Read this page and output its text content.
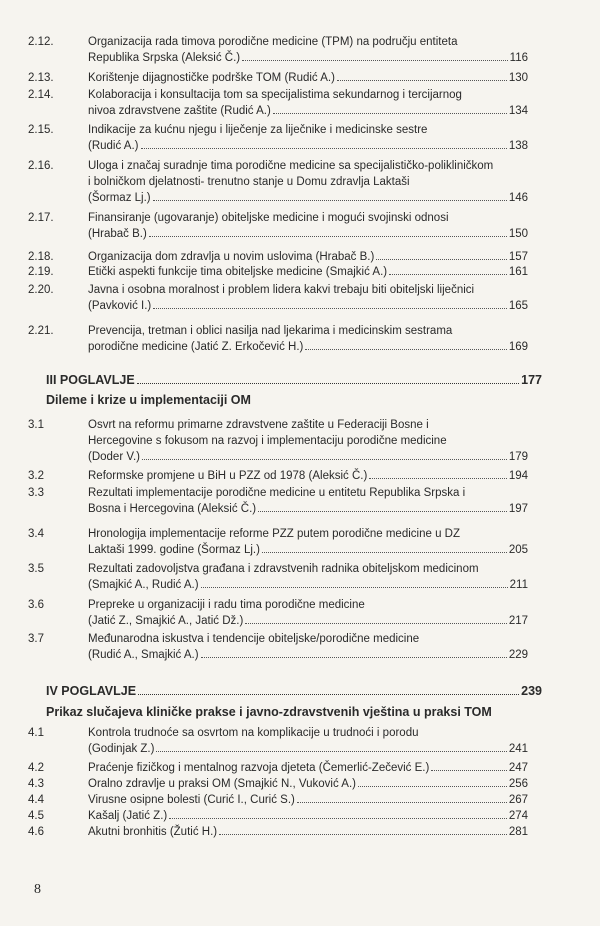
2.12.	Organizacija rada timova porodične medicine (TPM) na području entiteta
Republika Srpska (Aleksić Č.)	116
2.13.	Korištenje dijagnostičke podrške TOM (Rudić A.)	130
2.14.	Kolaboracija i konsultacija tom sa specijalistima sekundarnog i tercijarnog
nivoa zdravstvene zaštite (Rudić A.)	134
2.15.	Indikacije za kućnu njegu i liječenje za liječnike i medicinske sestre
(Rudić A.)	138
2.16.	Uloga i značaj suradnje tima porodične medicine sa specijalističko-polikliničkom
i bolničkom djelatnosti- trenutno stanje u Domu zdravlja Laktaši
(Šormaz Lj.)	146
2.17.	Finansiranje (ugovaranje) obiteljske medicine i mogući svojinski odnosi
(Hrabač B.)	150
2.18.	Organizacija dom zdravlja u novim uslovima (Hrabač B.)	157
2.19.	Etički aspekti funkcije tima obiteljske medicine (Smajkić A.)	161
2.20.	Javna i osobna moralnost i problem lidera kakvi trebaju biti obiteljski liječnici
(Pavković I.)	165
2.21.	Prevencija, tretman i oblici nasilja nad ljekarima i medicinskim sestrama
porodične medicine (Jatić Z. Erkočević H.)	169
III POGLAVLJE	177
Dileme i krize u implementaciji OM
3.1	Osvrt na reformu primarne zdravstvene zaštite u Federaciji Bosne i
Hercegovine s fokusom na razvoj i implementaciju porodične medicine
(Doder V.)	179
3.2	Reformske promjene u BiH u PZZ od 1978 (Aleksić Č.)	194
3.3	Rezultati implementacije porodične medicine u entitetu Republika Srpska i
Bosna i Hercegovina (Aleksić Č.)	197
3.4	Hronologija implementacije reforme PZZ putem porodične medicine u DZ
Laktaši 1999. godine (Šormaz Lj.)	205
3.5	Rezultati zadovoljstva građana i zdravstvenih radnika obiteljskom medicinom
(Smajkić A., Rudić A.)	211
3.6	Prepreke u organizaciji i radu tima porodične medicine
(Jatić Z., Smajkić A., Jatić Dž.)	217
3.7	Međunarodna iskustva i tendencije obiteljske/porodične medicine
(Rudić A., Smajkić A.)	229
IV POGLAVLJE	239
Prikaz slučajeva kliničke prakse i javno-zdravstvenih vještina u praksi TOM
4.1	Kontrola trudnoće sa osvrtom na komplikacije u trudnoći i porodu
(Godinjak Z.)	241
4.2	Praćenje fizičkog i mentalnog razvoja djeteta (Čemerlić-Zečević E.)	247
4.3	Oralno zdravlje u praksi OM (Smajkić N., Vuković A.)	256
4.4	Virusne osipne bolesti (Curić I., Curić S.)	267
4.5	Kašalj (Jatić Z.)	274
4.6	Akutni bronhitis (Žutić H.)	281
8
